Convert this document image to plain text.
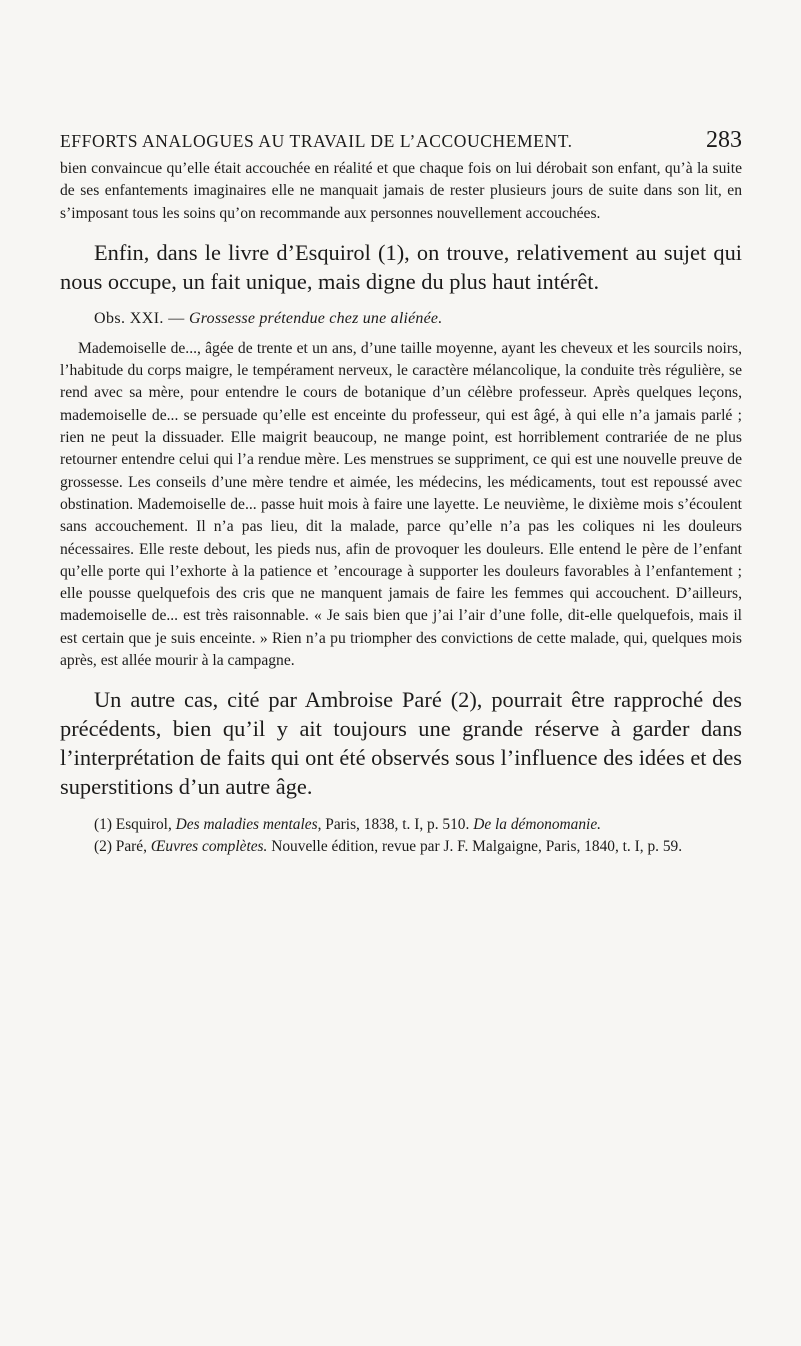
EFFORTS ANALOGUES AU TRAVAIL DE L’ACCOUCHEMENT.	283

bien convaincue qu’elle était accouchée en réalité et que chaque fois on lui dérobait son enfant, qu’à la suite de ses enfantements imaginaires elle ne manquait jamais de rester plusieurs jours de suite dans son lit, en s’imposant tous les soins qu’on recommande aux personnes nouvellement accouchées.

Enfin, dans le livre d’Esquirol (1), on trouve, relativement au sujet qui nous occupe, un fait unique, mais digne du plus haut intérêt.

Obs. XXI. — Grossesse prétendue chez une aliénée.

Mademoiselle de..., âgée de trente et un ans, d’une taille moyenne, ayant les cheveux et les sourcils noirs, l’habitude du corps maigre, le tempérament nerveux, le caractère mélancolique, la conduite très régulière, se rend avec sa mère, pour entendre le cours de botanique d’un célèbre professeur. Après quelques leçons, mademoiselle de... se persuade qu’elle est enceinte du professeur, qui est âgé, à qui elle n’a jamais parlé ; rien ne peut la dissuader. Elle maigrit beaucoup, ne mange point, est horriblement contrariée de ne plus retourner entendre celui qui l’a rendue mère. Les menstrues se suppriment, ce qui est une nouvelle preuve de grossesse. Les conseils d’une mère tendre et aimée, les médecins, les médicaments, tout est repoussé avec obstination. Mademoiselle de... passe huit mois à faire une layette. Le neuvième, le dixième mois s’écoulent sans accouchement. Il n’a pas lieu, dit la malade, parce qu’elle n’a pas les coliques ni les douleurs nécessaires. Elle reste debout, les pieds nus, afin de provoquer les douleurs. Elle entend le père de l’enfant qu’elle porte qui l’exhorte à la patience et ’encourage à supporter les douleurs favorables à l’enfantement ; elle pousse quelquefois des cris que ne manquent jamais de faire les femmes qui accouchent. D’ailleurs, mademoiselle de... est très raisonnable. « Je sais bien que j’ai l’air d’une folle, dit-elle quelquefois, mais il est certain que je suis enceinte. » Rien n’a pu triompher des convictions de cette malade, qui, quelques mois après, est allée mourir à la campagne.

Un autre cas, cité par Ambroise Paré (2), pourrait être rapproché des précédents, bien qu’il y ait toujours une grande réserve à garder dans l’interprétation de faits qui ont été observés sous l’influence des idées et des superstitions d’un autre âge.

(1) Esquirol, Des maladies mentales, Paris, 1838, t. I, p. 510. De la démonomanie.

(2) Paré, Œuvres complètes. Nouvelle édition, revue par J. F. Malgaigne, Paris, 1840, t. I, p. 59.
